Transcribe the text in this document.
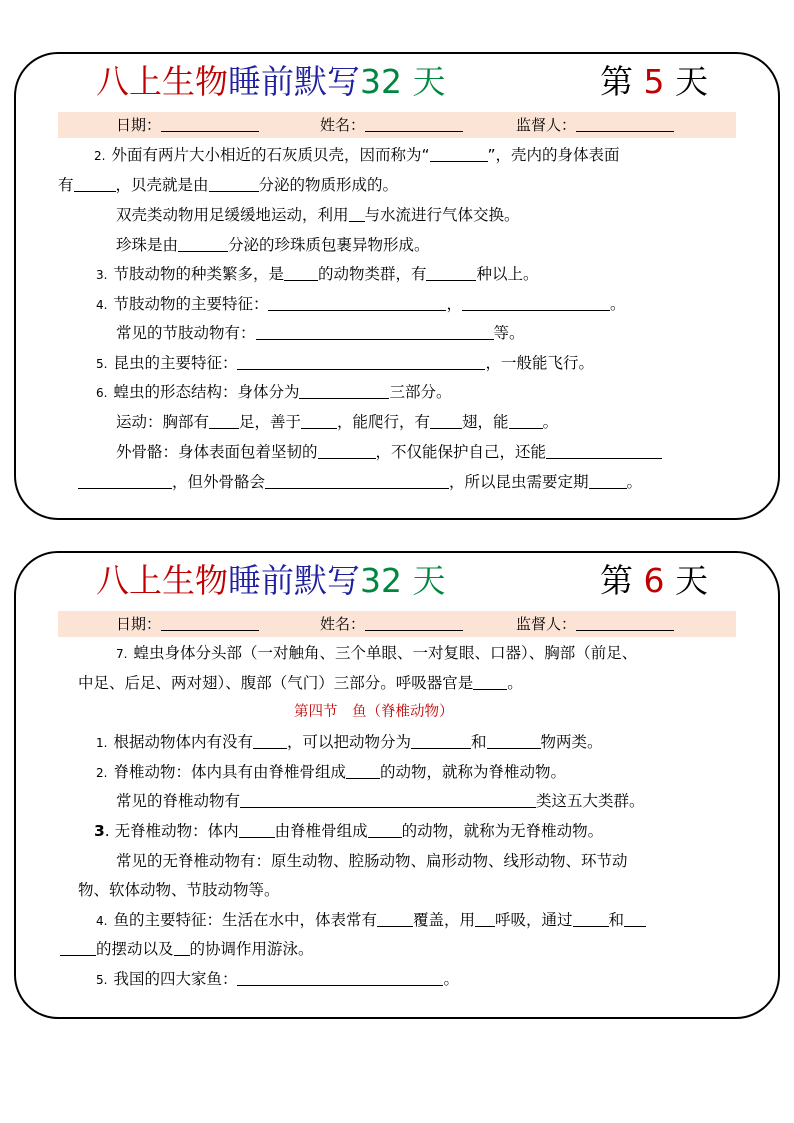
八上生物睡前默写32 天	第 5 天
日期：	姓名：	监督人：
2. 外面有两片大小相近的石灰质贝壳，因而称为“	”，壳内的身体表面
有	，贝壳就是由	分泌的物质形成的。
双壳类动物用足缓缓地运动，利用 与水流进行气体交换。
珍珠是由	分泌的珍珠质包裹异物形成。
3. 节肢动物的种类繁多，是 的动物类群，有	种以上。
4. 节肢动物的主要特征：	，	。
常见的节肢动物有：	等。
5. 昆虫的主要特征：	，一般能飞行。
6. 蝗虫的形态结构：身体分为	三部分。
运动：胸部有 足，善于 ，能爬行，有 翅，能 。
外骨骼：身体表面包着坚韧的	，不仅能保护自己，还能
，但外骨骼会	，所以昆虫需要定期 。
八上生物睡前默写32 天	第 6 天
日期：	姓名：	监督人：
7. 蝗虫身体分头部（一对触角、三个单眼、一对复眼、口器）、胸部（前足、
中足、后足、两对翅）、腹部（气门）三部分。呼吸器官是 。
第四节　鱼（脊椎动物）
1. 根据动物体内有没有 ，可以把动物分为	和	物两类。
2. 脊椎动物：体内具有由脊椎骨组成 的动物，就称为脊椎动物。
常见的脊椎动物有	类这五大类群。
3. 无脊椎动物：体内 由脊椎骨组成 的动物，就称为无脊椎动物。
常见的无脊椎动物有：原生动物、腔肠动物、扁形动物、线形动物、环节动
物、软体动物、节肢动物等。
4. 鱼的主要特征：生活在水中，体表常有 覆盖，用 呼吸，通过 和
的摆动以及 的协调作用游泳。
5. 我国的四大家鱼：	。
